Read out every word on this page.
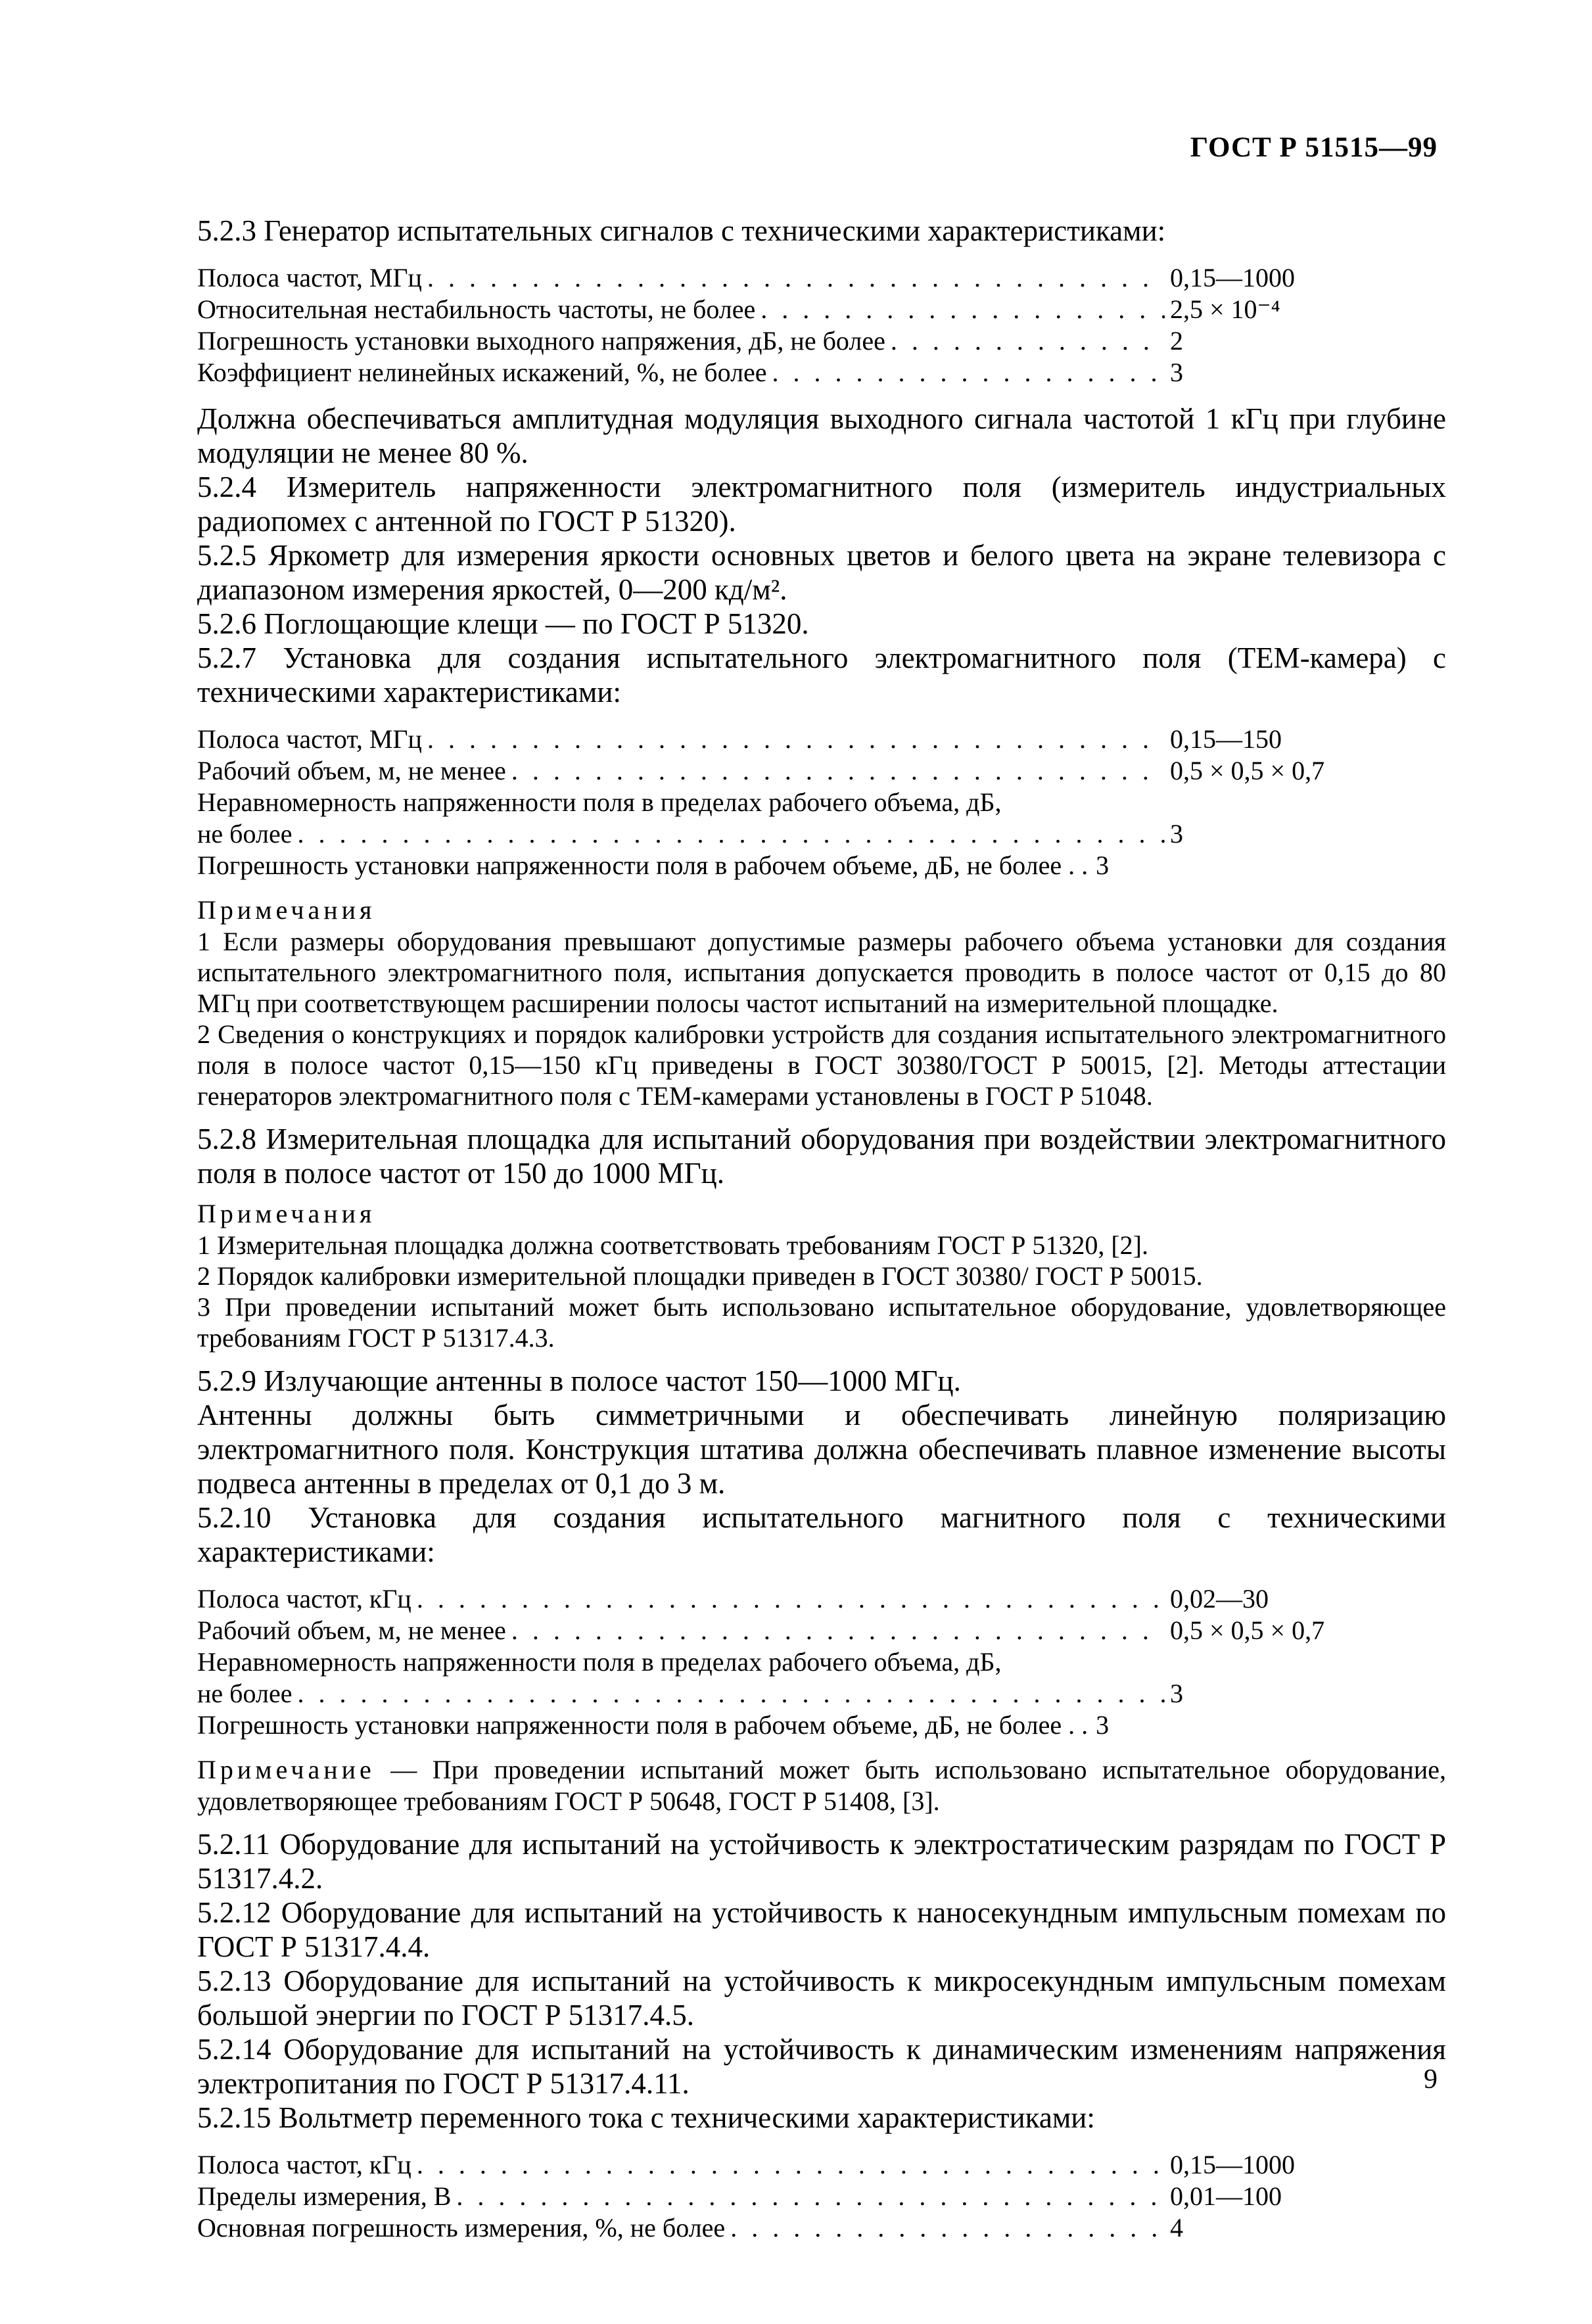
ГОСТ Р 51515—99

5.2.3 Генератор испытательных сигналов с техническими характеристиками:

Полоса частот, МГц . . .	0,15—1000
Относительная нестабильность частоты, не более . . .	2,5 × 10⁻⁴
Погрешность установки выходного напряжения, дБ, не более . . .	2
Коэффициент нелинейных искажений, %, не более . . .	3

Должна обеспечиваться амплитудная модуляция выходного сигнала частотой 1 кГц при глубине модуляции не менее 80 %.

5.2.4 Измеритель напряженности электромагнитного поля (измеритель индустриальных радиопомех с антенной по ГОСТ Р 51320).

5.2.5 Яркометр для измерения яркости основных цветов и белого цвета на экране телевизора с диапазоном измерения яркостей, 0—200 кд/м².

5.2.6 Поглощающие клещи — по ГОСТ Р 51320.

5.2.7 Установка для создания испытательного электромагнитного поля (ТЕМ-камера) с техническими характеристиками:

Полоса частот, МГц . . .	0,15—150
Рабочий объем, м, не менее . . .	0,5 × 0,5 × 0,7
Неравномерность напряженности поля в пределах рабочего объема, дБ,
не более . . .	3
Погрешность установки напряженности поля в рабочем объеме, дБ, не более . . 3
Примечания

1 Если размеры оборудования превышают допустимые размеры рабочего объема установки для создания испытательного электромагнитного поля, испытания допускается проводить в полосе частот от 0,15 до 80 МГц при соответствующем расширении полосы частот испытаний на измерительной площадке.

2 Сведения о конструкциях и порядок калибровки устройств для создания испытательного электромагнитного поля в полосе частот 0,15—150 кГц приведены в ГОСТ 30380/ГОСТ Р 50015, [2]. Методы аттестации генераторов электромагнитного поля с ТЕМ-камерами установлены в ГОСТ Р 51048.

5.2.8 Измерительная площадка для испытаний оборудования при воздействии электромагнитного поля в полосе частот от 150 до 1000 МГц.

Примечания

1 Измерительная площадка должна соответствовать требованиям ГОСТ Р 51320, [2].

2 Порядок калибровки измерительной площадки приведен в ГОСТ 30380/ ГОСТ Р 50015.

3 При проведении испытаний может быть использовано испытательное оборудование, удовлетворяющее требованиям ГОСТ Р 51317.4.3.

5.2.9 Излучающие антенны в полосе частот 150—1000 МГц.

Антенны должны быть симметричными и обеспечивать линейную поляризацию электромагнитного поля. Конструкция штатива должна обеспечивать плавное изменение высоты подвеса антенны в пределах от 0,1 до 3 м.

5.2.10 Установка для создания испытательного магнитного поля с техническими характеристиками:

Полоса частот, кГц . . .	0,02—30
Рабочий объем, м, не менее . . .	0,5 × 0,5 × 0,7
Неравномерность напряженности поля в пределах рабочего объема, дБ,
не более . . .	3
Погрешность установки напряженности поля в рабочем объеме, дБ, не более . . 3

Примечание — При проведении испытаний может быть использовано испытательное оборудование, удовлетворяющее требованиям ГОСТ Р 50648, ГОСТ Р 51408, [3].

5.2.11 Оборудование для испытаний на устойчивость к электростатическим разрядам по ГОСТ Р 51317.4.2.

5.2.12 Оборудование для испытаний на устойчивость к наносекундным импульсным помехам по ГОСТ Р 51317.4.4.

5.2.13 Оборудование для испытаний на устойчивость к микросекундным импульсным помехам большой энергии по ГОСТ Р 51317.4.5.

5.2.14 Оборудование для испытаний на устойчивость к динамическим изменениям напряжения электропитания по ГОСТ Р 51317.4.11.

5.2.15 Вольтметр переменного тока с техническими характеристиками:

Полоса частот, кГц . . .	0,15—1000
Пределы измерения, В . . .	0,01—100
Основная погрешность измерения, %, не более . . .	4
9
